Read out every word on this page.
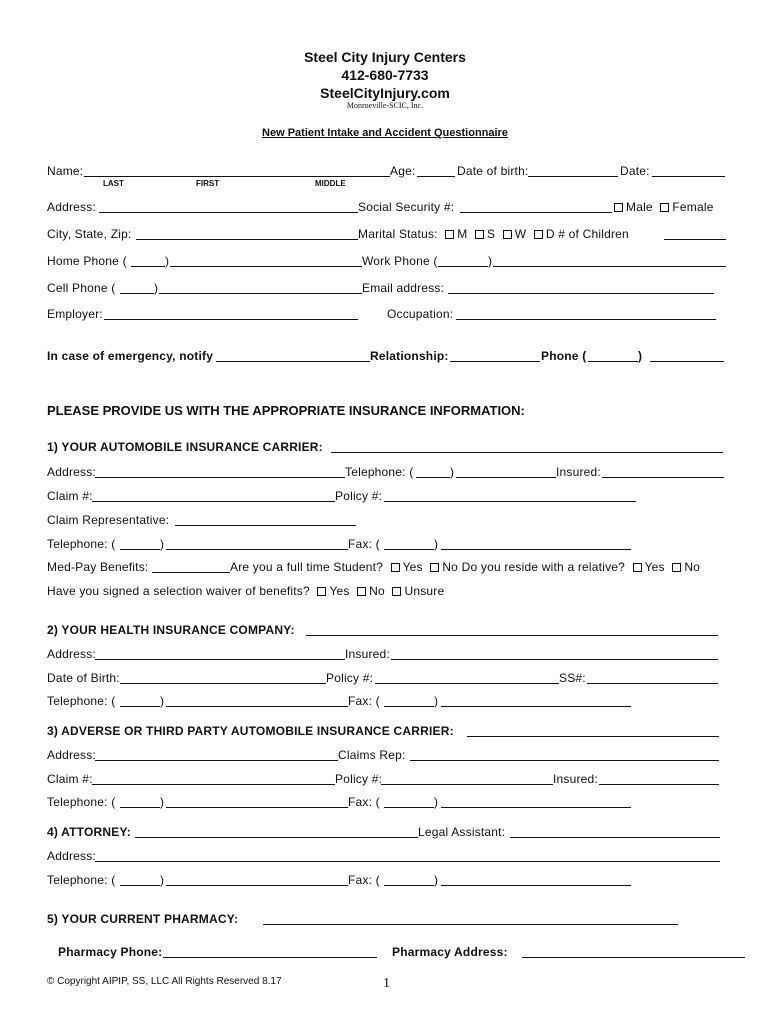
Steel City Injury Centers
412-680-7733
SteelCityInjury.com
Monroeville-SCIC, Inc.
New Patient Intake and Accident Questionnaire
Name:	Age:	Date of birth:	Date:
LAST	FIRST	MIDDLE
Address:	Social Security #:	Male Female
City, State, Zip:	Marital Status: M S W D # of Children
Home Phone (	)	Work Phone (	)
Cell Phone (	)	Email address:
Employer:	Occupation:
In case of emergency, notify	Relationship:	Phone (	)
PLEASE PROVIDE US WITH THE APPROPRIATE INSURANCE INFORMATION:
1) YOUR AUTOMOBILE INSURANCE CARRIER:
Address:	Telephone: (	)	Insured:
Claim #:	Policy #:
Claim Representative:
Telephone: (	)	Fax: (	)
Med-Pay Benefits:	Are you a full time Student? Yes No Do you reside with a relative? Yes No
Have you signed a selection waiver of benefits? Yes No Unsure
2) YOUR HEALTH INSURANCE COMPANY:
Address:	Insured:
Date of Birth:	Policy #:	SS#:
Telephone: (	)	Fax: (	)
3) ADVERSE OR THIRD PARTY AUTOMOBILE INSURANCE CARRIER:
Address:	Claims Rep:
Claim #:	Policy #:	Insured:
Telephone: (	)	Fax: (	)
4) ATTORNEY:	Legal Assistant:
Address:
Telephone: (	)	Fax: (	)
5) YOUR CURRENT PHARMACY:
Pharmacy Phone:	Pharmacy Address:
© Copyright AIPIP, SS, LLC All Rights Reserved 8.17	1
